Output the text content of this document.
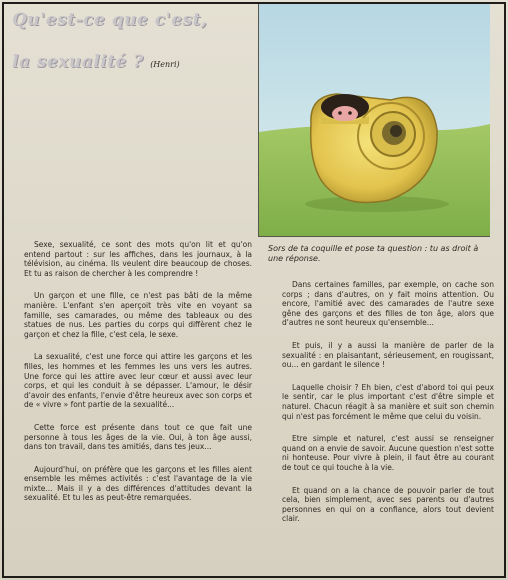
Qu'est-ce que c'est,
la sexualité ? (Henri)

Sors de ta coquille et pose ta question : tu as droit à une réponse.

Sexe, sexualité, ce sont des mots qu'on lit et qu'on entend partout : sur les affiches, dans les journaux, à la télévision, au cinéma. Ils veulent dire beaucoup de choses. Et tu as raison de chercher à les comprendre !

Un garçon et une fille, ce n'est pas bâti de la même manière. L'enfant s'en aperçoit très vite en voyant sa famille, ses camarades, ou même des tableaux ou des statues de nus. Les parties du corps qui diffèrent chez le garçon et chez la fille, c'est cela, le sexe.

La sexualité, c'est une force qui attire les garçons et les filles, les hommes et les femmes les uns vers les autres. Une force qui les attire avec leur cœur et aussi avec leur corps, et qui les conduit à se dépasser. L'amour, le désir d'avoir des enfants, l'envie d'être heureux avec son corps et de « vivre » font partie de la sexualité...

Cette force est présente dans tout ce que fait une personne à tous les âges de la vie. Oui, à ton âge aussi, dans ton travail, dans tes amitiés, dans tes jeux...

Aujourd'hui, on préfère que les garçons et les filles aient ensemble les mêmes activités : c'est l'avantage de la vie mixte... Mais il y a des différences d'attitudes devant la sexualité. Et tu les as peut-être remarquées.

Dans certaines familles, par exemple, on cache son corps ; dans d'autres, on y fait moins attention. Ou encore, l'amitié avec des camarades de l'autre sexe gêne des garçons et des filles de ton âge, alors que d'autres ne sont heureux qu'ensemble...

Et puis, il y a aussi la manière de parler de la sexualité : en plaisantant, sérieusement, en rougissant, ou... en gardant le silence !

Laquelle choisir ? Eh bien, c'est d'abord toi qui peux le sentir, car le plus important c'est d'être simple et naturel. Chacun réagit à sa manière et suit son chemin qui n'est pas forcément le même que celui du voisin.

Etre simple et naturel, c'est aussi se renseigner quand on a envie de savoir. Aucune question n'est sotte ni honteuse. Pour vivre à plein, il faut être au courant de tout ce qui touche à la vie.

Et quand on a la chance de pouvoir parler de tout cela, bien simplement, avec ses parents ou d'autres personnes en qui on a confiance, alors tout devient clair.
